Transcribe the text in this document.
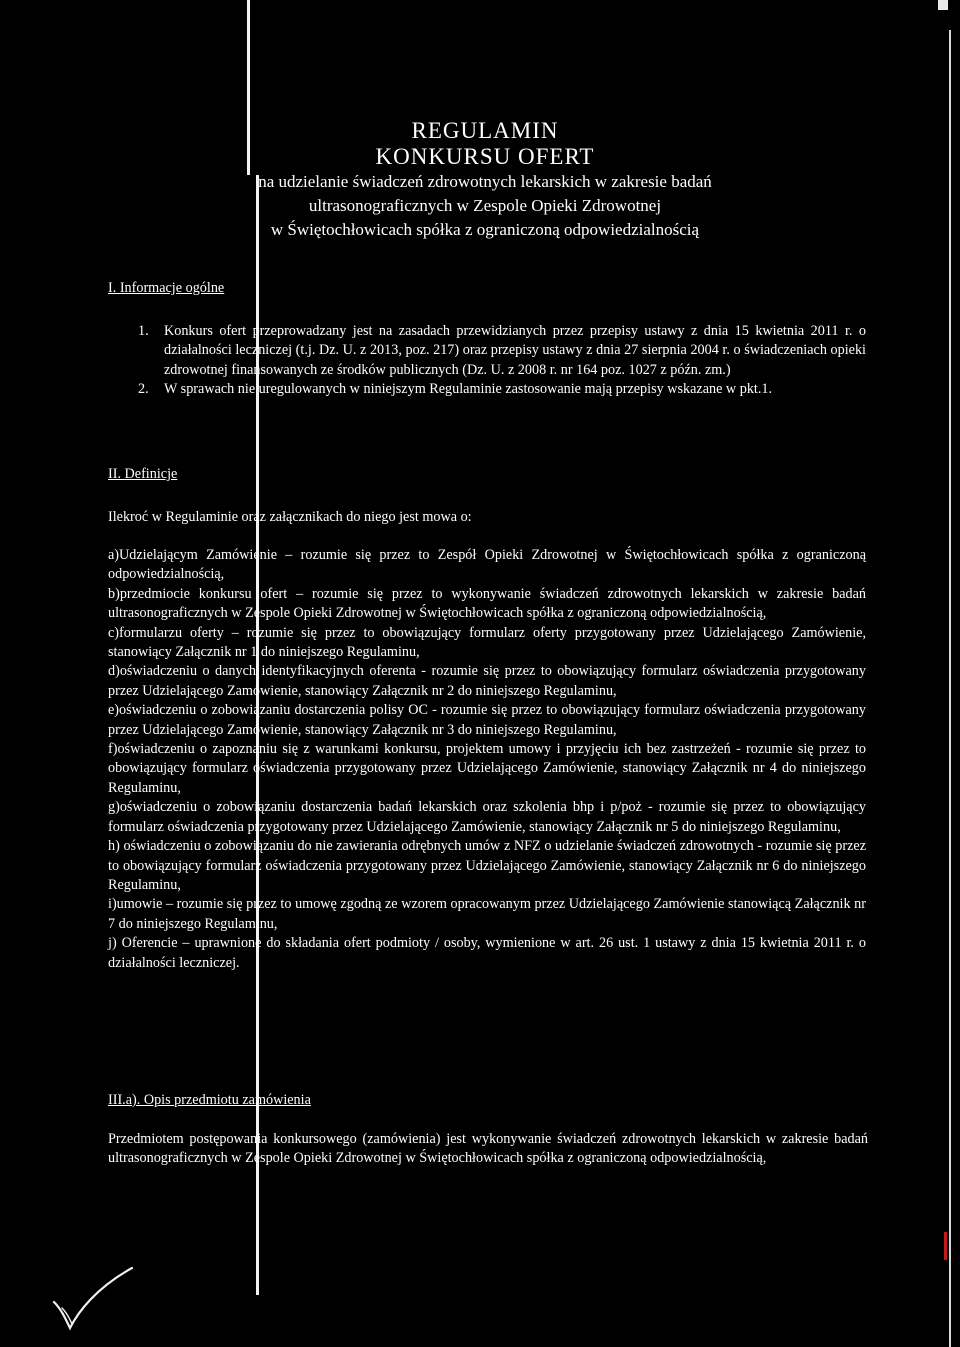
REGULAMIN
KONKURSU OFERT
na udzielanie świadczeń zdrowotnych lekarskich w zakresie badań
ultrasonograficznych w Zespole Opieki Zdrowotnej
w Świętochłowicach spółka z ograniczoną odpowiedzialnością
I. Informacje ogólne
1. Konkurs ofert przeprowadzany jest na zasadach przewidzianych przez przepisy ustawy z dnia 15 kwietnia 2011 r. o działalności leczniczej (t.j. Dz. U. z 2013, poz. 217) oraz przepisy ustawy z dnia 27 sierpnia 2004 r. o świadczeniach opieki zdrowotnej finansowanych ze środków publicznych (Dz. U. z 2008 r. nr 164 poz. 1027 z późn. zm.)
2. W sprawach nie uregulowanych w niniejszym Regulaminie zastosowanie mają przepisy wskazane w pkt.1.
II. Definicje
Ilekroć w Regulaminie oraz załącznikach do niego jest mowa o:

a)Udzielającym Zamówienie – rozumie się przez to Zespół Opieki Zdrowotnej w Świętochłowicach spółka z ograniczoną odpowiedzialnością,

b)przedmiocie konkursu ofert – rozumie się przez to wykonywanie świadczeń zdrowotnych lekarskich w zakresie badań ultrasonograficznych w Zespole Opieki Zdrowotnej w Świętochłowicach spółka z ograniczoną odpowiedzialnością,

c)formularzu oferty – rozumie się przez to obowiązujący formularz oferty przygotowany przez Udzielającego Zamówienie, stanowiący Załącznik nr 1 do niniejszego Regulaminu,

d)oświadczeniu o danych identyfikacyjnych oferenta - rozumie się przez to obowiązujący formularz oświadczenia przygotowany przez Udzielającego Zamówienie, stanowiący Załącznik nr 2 do niniejszego Regulaminu,

e)oświadczeniu o zobowiązaniu dostarczenia polisy OC - rozumie się przez to obowiązujący formularz oświadczenia przygotowany przez Udzielającego Zamówienie, stanowiący Załącznik nr 3 do niniejszego Regulaminu,

f)oświadczeniu o zapoznaniu się z warunkami konkursu, projektem umowy i przyjęciu ich bez zastrzeżeń - rozumie się przez to obowiązujący formularz oświadczenia przygotowany przez Udzielającego Zamówienie, stanowiący Załącznik nr 4 do niniejszego Regulaminu,

g)oświadczeniu o zobowiązaniu dostarczenia badań lekarskich oraz szkolenia bhp i p/poż - rozumie się przez to obowiązujący formularz oświadczenia przygotowany przez Udzielającego Zamówienie, stanowiący Załącznik nr 5 do niniejszego Regulaminu,

h) oświadczeniu o zobowiązaniu do nie zawierania odrębnych umów z NFZ o udzielanie świadczeń zdrowotnych - rozumie się przez to obowiązujący formularz oświadczenia przygotowany przez Udzielającego Zamówienie, stanowiący Załącznik nr 6 do niniejszego Regulaminu,

i)umowie – rozumie się przez to umowę zgodną ze wzorem opracowanym przez Udzielającego Zamówienie stanowiącą Załącznik nr 7 do niniejszego Regulaminu,

j) Oferencie – uprawnione do składania ofert podmioty / osoby, wymienione w art. 26 ust. 1 ustawy z dnia 15 kwietnia 2011 r. o działalności leczniczej.

III.a). Opis przedmiotu zamówienia
Przedmiotem postępowania konkursowego (zamówienia) jest wykonywanie świadczeń zdrowotnych lekarskich w zakresie badań ultrasonograficznych w Zespole Opieki Zdrowotnej w Świętochłowicach spółka z ograniczoną odpowiedzialnością,
